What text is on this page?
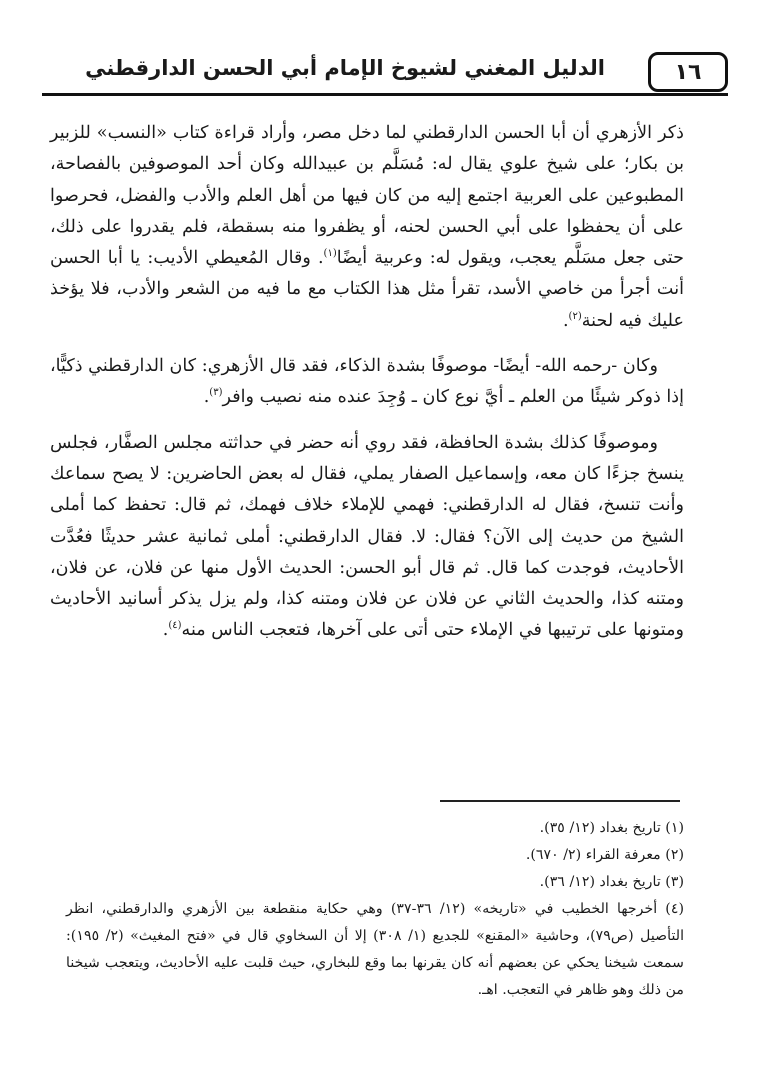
الدليل المغني لشيوخ الإمام أبي الحسن الدارقطني	١٦

ذكر الأزهري أن أبا الحسن الدارقطني لما دخل مصر، وأراد قراءة كتاب «النسب» للزبير بن بكار؛ على شيخ علوي يقال له: مُسَلَّم بن عبيدالله وكان أحد الموصوفين بالفصاحة، المطبوعين على العربية اجتمع إليه من كان فيها من أهل العلم والأدب والفضل، فحرصوا على أن يحفظوا على أبي الحسن لحنه، أو يظفروا منه بسقطة، فلم يقدروا على ذلك، حتى جعل مسَلَّم يعجب، ويقول له: وعربية أيضًا$^{(١)}$. وقال المُعيطي الأديب: يا أبا الحسن أنت أجرأ من خاصي الأسد، تقرأ مثل هذا الكتاب مع ما فيه من الشعر والأدب، فلا يؤخذ عليك فيه لحنة$^{(٢)}$.

وكان -رحمه الله- أيضًا- موصوفًا بشدة الذكاء، فقد قال الأزهري: كان الدارقطني ذكيًّا، إذا ذوكر شيئًا من العلم ـ أيَّ نوع كان ـ وُجِدَ عنده منه نصيب وافر$^{(٣)}$.

وموصوفًا كذلك بشدة الحافظة، فقد روي أنه حضر في حداثته مجلس الصفَّار، فجلس ينسخ جزءًا كان معه، وإسماعيل الصفار يملي، فقال له بعض الحاضرين: لا يصح سماعك وأنت تنسخ، فقال له الدارقطني: فهمي للإملاء خلاف فهمك، ثم قال: تحفظ كما أملى الشيخ من حديث إلى الآن؟ فقال: لا. فقال الدارقطني: أملى ثمانية عشر حديثًا فعُدَّت الأحاديث، فوجدت كما قال. ثم قال أبو الحسن: الحديث الأول منها عن فلان، عن فلان، ومتنه كذا، والحديث الثاني عن فلان عن فلان ومتنه كذا، ولم يزل يذكر أسانيد الأحاديث ومتونها على ترتيبها في الإملاء حتى أتى على آخرها، فتعجب الناس منه$^{(٤)}$.

(١) تاريخ بغداد (١٢/ ٣٥).

(٢) معرفة القراء (٢/ ٦٧٠).

(٣) تاريخ بغداد (١٢/ ٣٦).

(٤) أخرجها الخطيب في «تاريخه» (١٢/ ٣٦-٣٧) وهي حكاية منقطعة بين الأزهري والدارقطني، انظر التأصيل (ص٧٩)، وحاشية «المقنع» للجديع (١/ ٣٠٨) إلا أن السخاوي قال في «فتح المغيث» (٢/ ١٩٥): سمعت شيخنا يحكي عن بعضهم أنه كان يقرنها بما وقع للبخاري، حيث قلبت عليه الأحاديث، ويتعجب شيخنا من ذلك وهو ظاهر في التعجب. اهـ.
